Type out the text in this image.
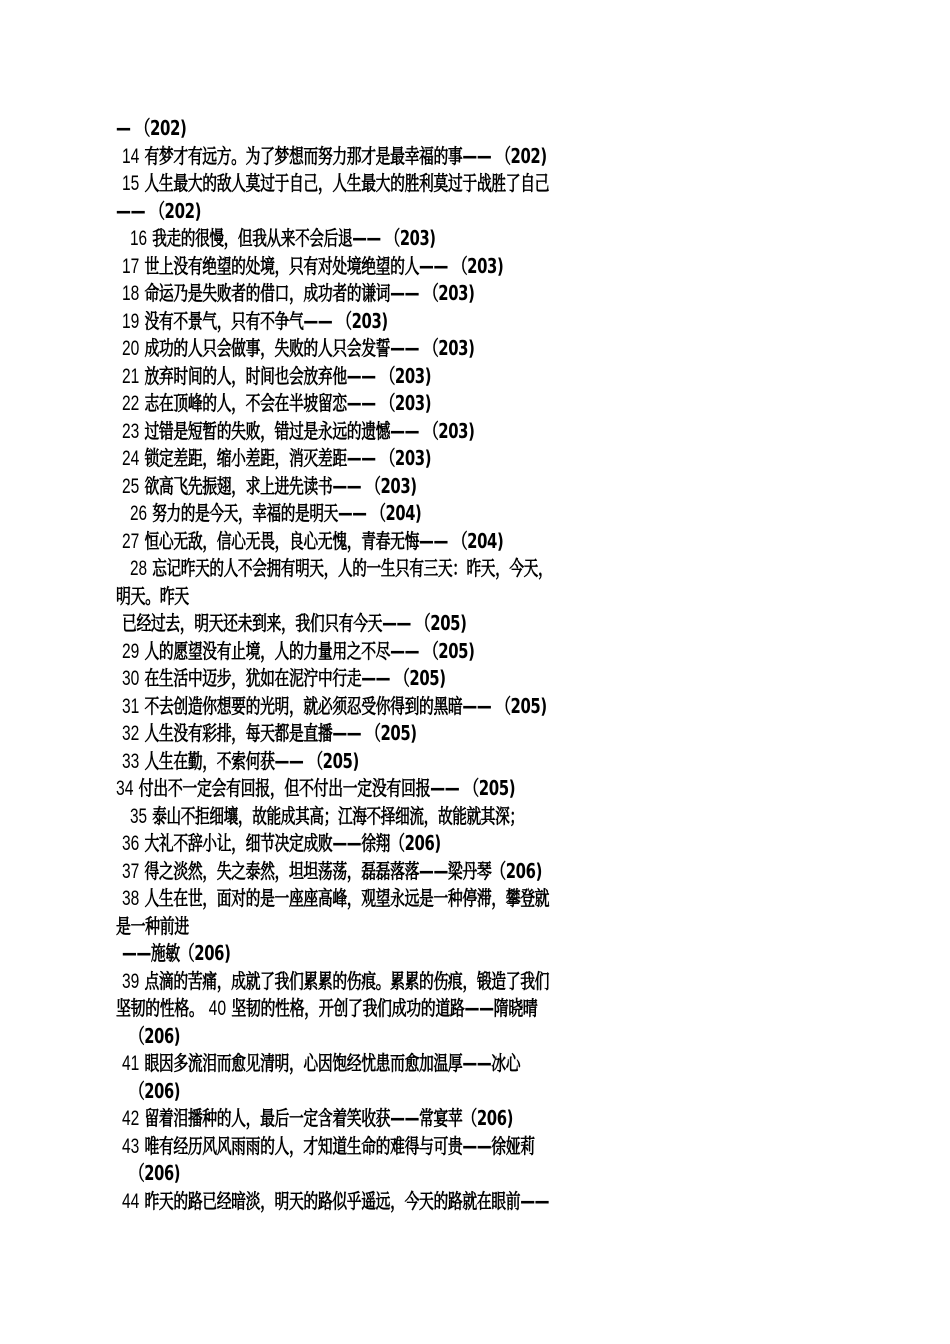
— （202)
14 有梦才有远方。为了梦想而努力那才是最幸福的事—— （202)
15 人生最大的敌人莫过于自己，人生最大的胜利莫过于战胜了自己
—— （202)
16 我走的很慢，但我从来不会后退—— （203)
17 世上没有绝望的处境，只有对处境绝望的人—— （203)
18 命运乃是失败者的借口，成功者的谦词—— （203)
19 没有不景气，只有不争气—— （203)
20 成功的人只会做事，失败的人只会发誓—— （203)
21 放弃时间的人，时间也会放弃他—— （203)
22 志在顶峰的人，不会在半坡留恋—— （203)
23 过错是短暂的失败，错过是永远的遗憾—— （203)
24 锁定差距，缩小差距，消灭差距—— （203)
25 欲高飞先振翅，求上进先读书—— （203)
26 努力的是今天，幸福的是明天—— （204)
27 恒心无敌，信心无畏，良心无愧，青春无悔—— （204)
28 忘记昨天的人不会拥有明天，人的一生只有三天：昨天，今天，
明天。昨天
已经过去，明天还未到来，我们只有今天—— （205)
29 人的愿望没有止境，人的力量用之不尽—— （205)
30 在生活中迈步，犹如在泥泞中行走—— （205)
31 不去创造你想要的光明，就必须忍受你得到的黑暗—— （205)
32 人生没有彩排，每天都是直播—— （205)
33 人生在勤，不索何获—— （205)
34 付出不一定会有回报，但不付出一定没有回报—— （205)
35 泰山不拒细壤，故能成其高；江海不择细流，故能就其深；
36 大礼不辞小让，细节决定成败——徐翔（206)
37 得之淡然，失之泰然，坦坦荡荡，磊磊落落——梁丹琴（206)
38 人生在世，面对的是一座座高峰，观望永远是一种停滞，攀登就
是一种前进
——施敏（206)
39 点滴的苦痛，成就了我们累累的伤痕。累累的伤痕，锻造了我们
坚韧的性格。 40 坚韧的性格，开创了我们成功的道路——隋晓晴
（206)
41 眼因多流泪而愈见清明，心因饱经忧患而愈加温厚——冰心
（206)
42 留着泪播种的人，最后一定含着笑收获——常宴苹（206)
43 唯有经历风风雨雨的人，才知道生命的难得与可贵——徐娅莉
（206)
44 昨天的路已经暗淡，明天的路似乎遥远，今天的路就在眼前——
